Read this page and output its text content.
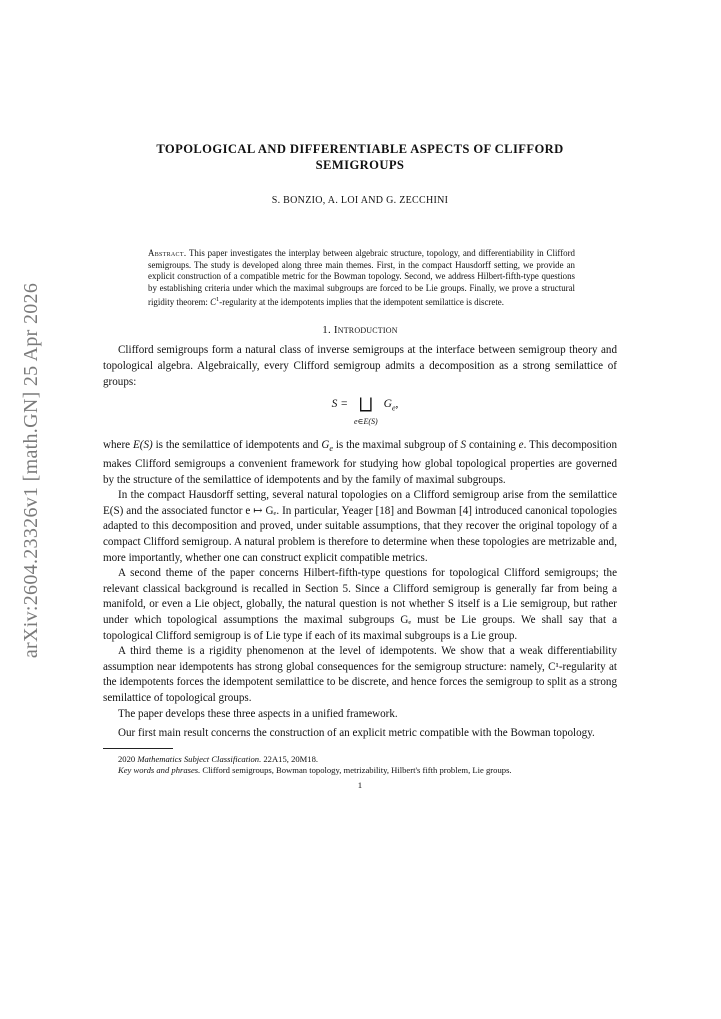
arXiv:2604.23326v1 [math.GN] 25 Apr 2026
TOPOLOGICAL AND DIFFERENTIABLE ASPECTS OF CLIFFORD SEMIGROUPS
S. BONZIO, A. LOI AND G. ZECCHINI
Abstract. This paper investigates the interplay between algebraic structure, topology, and differentiability in Clifford semigroups. The study is developed along three main themes. First, in the compact Hausdorff setting, we provide an explicit construction of a compatible metric for the Bowman topology. Second, we address Hilbert-fifth-type questions by establishing criteria under which the maximal subgroups are forced to be Lie groups. Finally, we prove a structural rigidity theorem: $C^1$-regularity at the idempotents implies that the idempotent semilattice is discrete.
1. Introduction

Clifford semigroups form a natural class of inverse semigroups at the interface between semigroup theory and topological algebra. Algebraically, every Clifford semigroup admits a decomposition as a strong semilattice of groups:

S = ⨆
e∈E(S)
$G_e$,

where E(S) is the semilattice of idempotents and $G_e$ is the maximal subgroup of S containing e. This decomposition makes Clifford semigroups a convenient framework for studying how global topological properties are governed by the structure of the semilattice of idempotents and by the family of maximal subgroups.

In the compact Hausdorff setting, several natural topologies on a Clifford semigroup arise from the semilattice E(S) and the associated functor e ↦ Gₑ. In particular, Yeager [18] and Bowman [4] introduced canonical topologies adapted to this decomposition and proved, under suitable assumptions, that they recover the original topology of a compact Clifford semigroup. A natural problem is therefore to determine when these topologies are metrizable and, more importantly, whether one can construct explicit compatible metrics.

A second theme of the paper concerns Hilbert-fifth-type questions for topological Clifford semigroups; the relevant classical background is recalled in Section 5. Since a Clifford semigroup is generally far from being a manifold, or even a Lie object, globally, the natural question is not whether S itself is a Lie semigroup, but rather under which topological assumptions the maximal subgroups Gₑ must be Lie groups. We shall say that a topological Clifford semigroup is of Lie type if each of its maximal subgroups is a Lie group.

A third theme is a rigidity phenomenon at the level of idempotents. We show that a weak differentiability assumption near idempotents has strong global consequences for the semigroup structure: namely, C¹-regularity at the idempotents forces the idempotent semilattice to be discrete, and hence forces the semigroup to split as a strong semilattice of topological groups.

The paper develops these three aspects in a unified framework.

Our first main result concerns the construction of an explicit metric compatible with the Bowman topology.

2020 Mathematics Subject Classification. 22A15, 20M18.

Key words and phrases. Clifford semigroups, Bowman topology, metrizability, Hilbert's fifth problem, Lie groups.

1
